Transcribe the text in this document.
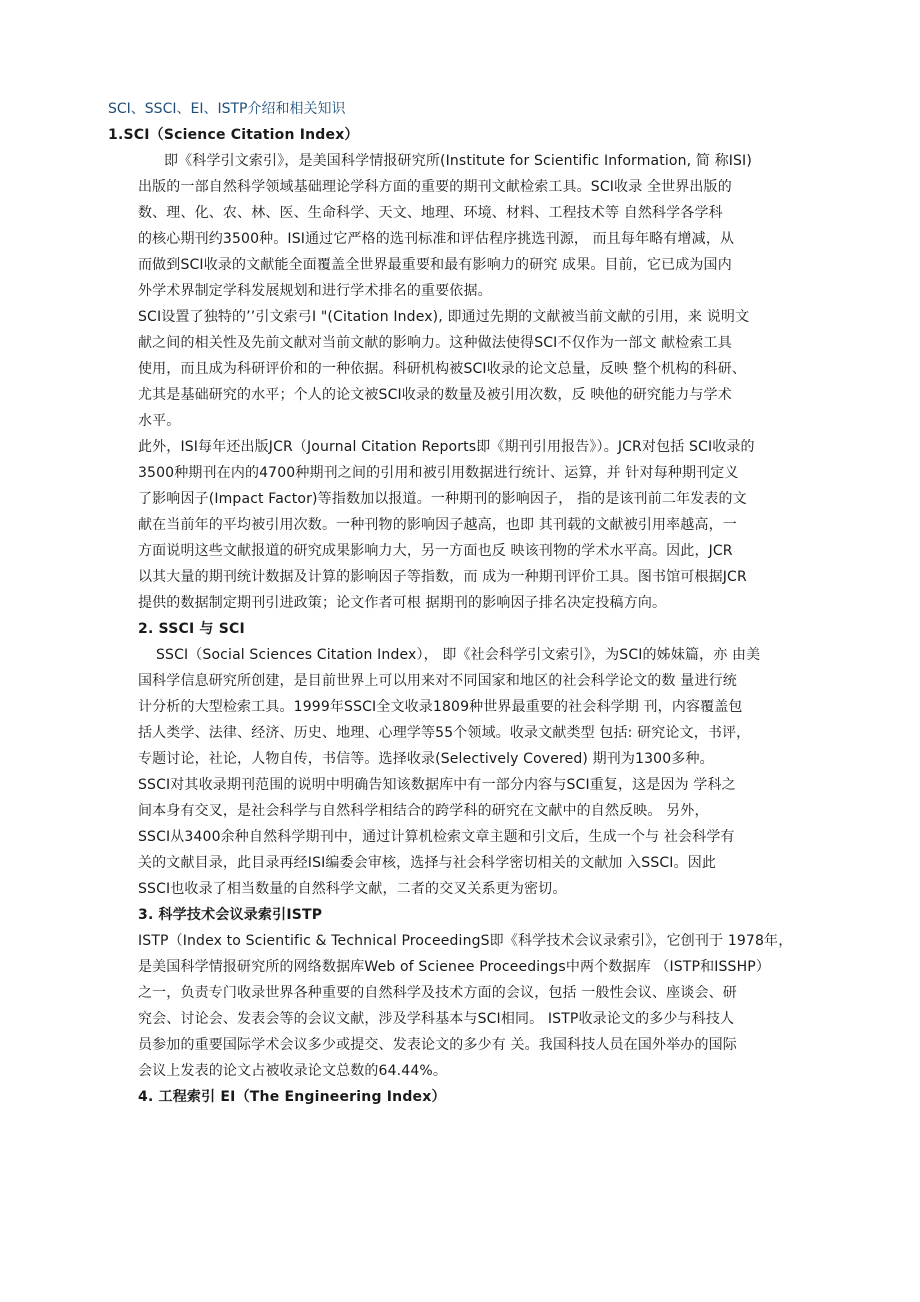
SCI、SSCI、EI、ISTP介绍和相关知识
1.SCI（Science Citation Index）
即《科学引文索引》，是美国科学情报研究所(Institute for Scientific Information, 简 称ISI)
出版的一部自然科学领域基础理论学科方面的重要的期刊文献检索工具。SCI收录 全世界出版的
数、理、化、农、林、医、生命科学、天文、地理、环境、材料、工程技术等 自然科学各学科
的核心期刊约3500种。ISI通过它严格的选刊标准和评估程序挑选刊源， 而且每年略有增减，从
而做到SCI收录的文献能全面覆盖全世界最重要和最有影响力的研究 成果。目前，它已成为国内
外学术界制定学科发展规划和进行学术排名的重要依据。
SCI设置了独特的’’引文索弓I "(Citation Index), 即通过先期的文献被当前文献的引用，来 说明文
献之间的相关性及先前文献对当前文献的影响力。这种做法使得SCI不仅作为一部文 献检索工具
使用，而且成为科研评价和的一种依据。科研机构被SCI收录的论文总量，反映 整个机构的科研、
尤其是基础研究的水平；个人的论文被SCI收录的数量及被引用次数，反 映他的研究能力与学术
水平。
此外，ISI每年还出版JCR（Journal Citation Reports即《期刊引用报告》）。JCR对包括 SCI收录的
3500种期刊在内的4700种期刊之间的引用和被引用数据进行统计、运算，并 针对每种期刊定义
了影响因子(Impact Factor)等指数加以报道。一种期刊的影响因子， 指的是该刊前二年发表的文
献在当前年的平均被引用次数。一种刊物的影响因子越高，也即 其刊载的文献被引用率越高，一
方面说明这些文献报道的研究成果影响力大，另一方面也反 映该刊物的学术水平高。因此，JCR
以其大量的期刊统计数据及计算的影响因子等指数，而 成为一种期刊评价工具。图书馆可根据JCR
提供的数据制定期刊引进政策；论文作者可根 据期刊的影响因子排名决定投稿方向。
2. SSCI 与 SCI
SSCI（Social Sciences Citation Index）， 即《社会科学引文索引》，为SCI的姊妹篇，亦 由美
国科学信息研究所创建，是目前世界上可以用来对不同国家和地区的社会科学论文的数 量进行统
计分析的大型检索工具。1999年SSCI全文收录1809种世界最重要的社会科学期 刊，内容覆盖包
括人类学、法律、经济、历史、地理、心理学等55个领域。收录文献类型 包括: 研究论文，书评，
专题讨论，社论，人物自传，书信等。选择收录(Selectively Covered) 期刊为1300多种。
SSCI对其收录期刊范围的说明中明确告知该数据库中有一部分内容与SCI重复，这是因为 学科之
间本身有交叉，是社会科学与自然科学相结合的跨学科的研究在文献中的自然反映。 另外，
SSCI从3400余种自然科学期刊中，通过计算机检索文章主题和引文后，生成一个与 社会科学有
关的文献目录，此目录再经ISI编委会审核，选择与社会科学密切相关的文献加 入SSCI。因此
SSCI也收录了相当数量的自然科学文献，二者的交叉关系更为密切。
3. 科学技术会议录索引ISTP
ISTP（Index to Scientific & Technical ProceedingS即《科学技术会议录索引》，它创刊于 1978年，
是美国科学情报研究所的网络数据库Web of Scienee Proceedings中两个数据库 （ISTP和ISSHP）
之一，负责专门收录世界各种重要的自然科学及技术方面的会议，包括 一般性会议、座谈会、研
究会、讨论会、发表会等的会议文献，涉及学科基本与SCI相同。 ISTP收录论文的多少与科技人
员参加的重要国际学术会议多少或提交、发表论文的多少有 关。我国科技人员在国外举办的国际
会议上发表的论文占被收录论文总数的64.44%。
4. 工程索引 EI（The Engineering Index）
